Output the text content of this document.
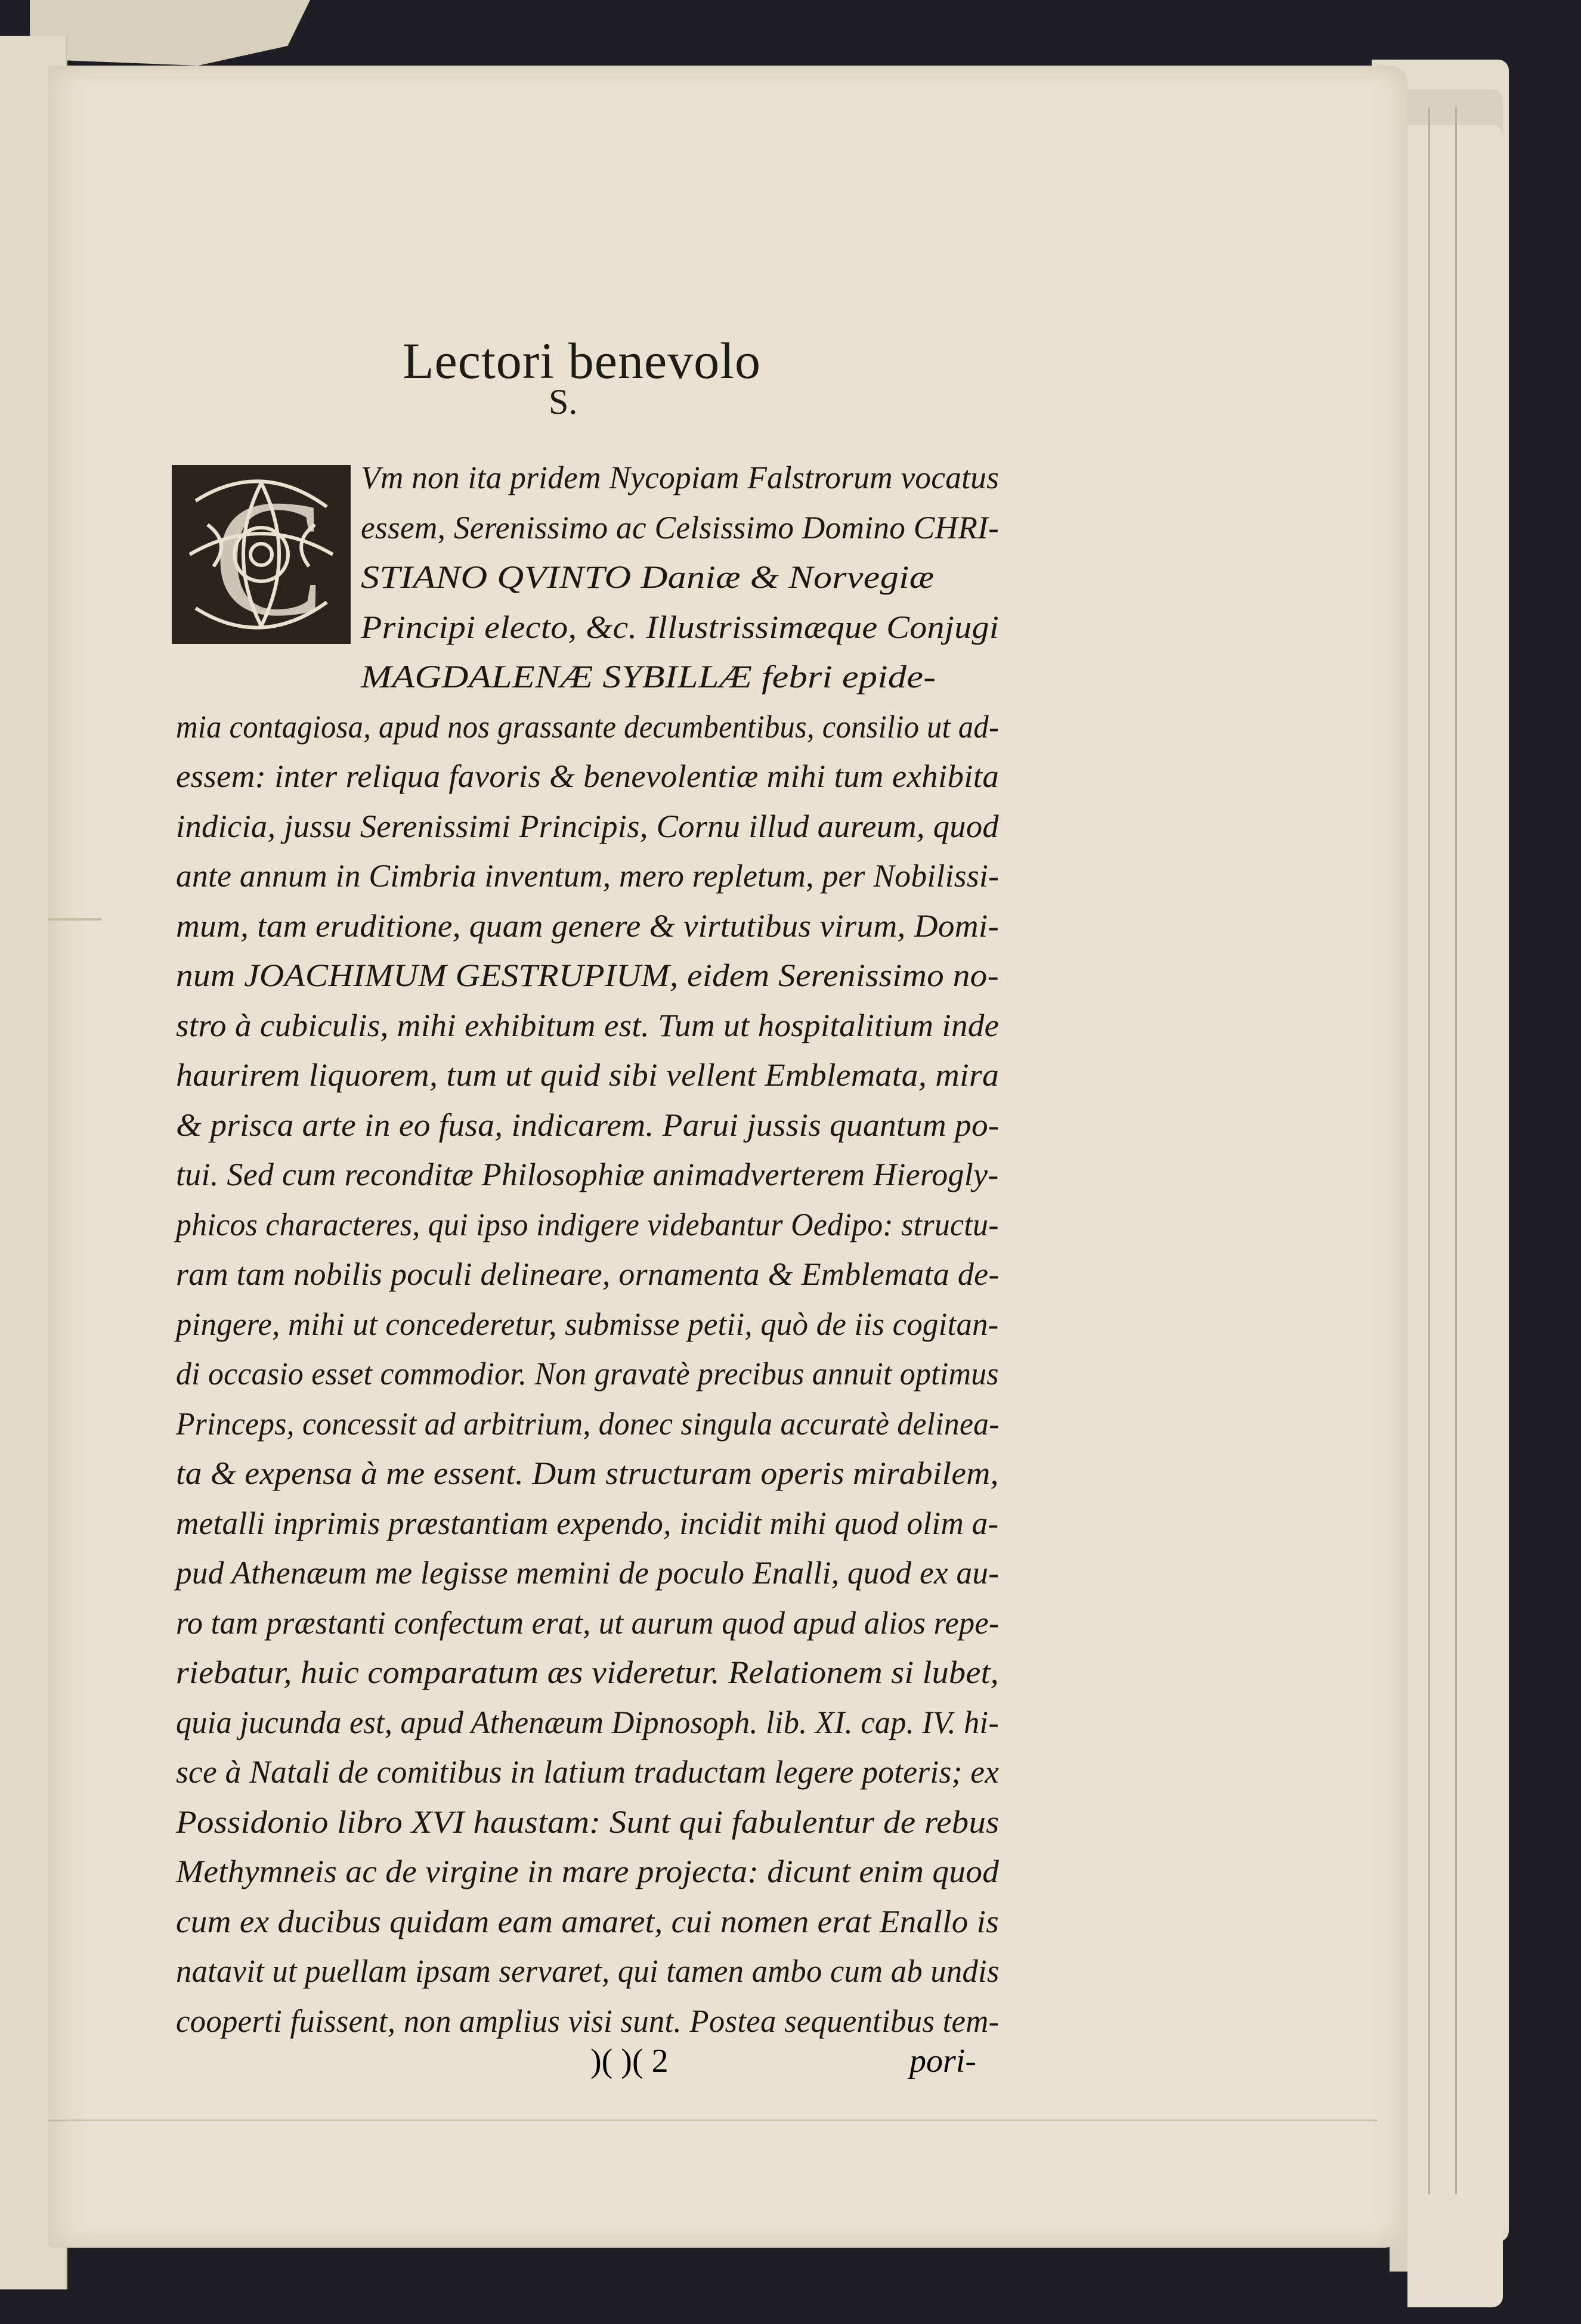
Lectori benevolo
S.
C Vm non ita pridem Nycopiam Falstrorum vocatus
essem, Serenissimo ac Celsissimo Domino CHRI-
STIANO QVINTO Daniæ & Norvegiæ
Principi electo, &c. Illustrissimæque Conjugi
MAGDALENÆ SYBILLÆ febri epide-
mia contagiosa, apud nos grassante decumbentibus, consilio ut ad-
essem: inter reliqua favoris & benevolentiæ mihi tum exhibita
indicia, jussu Serenissimi Principis, Cornu illud aureum, quod
ante annum in Cimbria inventum, mero repletum, per Nobilissi-
mum, tam eruditione, quam genere & virtutibus virum, Domi-
num JOACHIMUM GESTRUPIUM, eidem Serenissimo no-
stro à cubiculis, mihi exhibitum est. Tum ut hospitalitium inde
haurirem liquorem, tum ut quid sibi vellent Emblemata, mira
& prisca arte in eo fusa, indicarem. Parui jussis quantum po-
tui. Sed cum reconditæ Philosophiæ animadverterem Hierogly-
phicos characteres, qui ipso indigere videbantur Oedipo: structu-
ram tam nobilis poculi delineare, ornamenta & Emblemata de-
pingere, mihi ut concederetur, submisse petii, quò de iis cogitan-
di occasio esset commodior. Non gravatè precibus annuit optimus
Princeps, concessit ad arbitrium, donec singula accuratè delinea-
ta & expensa à me essent. Dum structuram operis mirabilem,
metalli inprimis præstantiam expendo, incidit mihi quod olim a-
pud Athenæum me legisse memini de poculo Enalli, quod ex au-
ro tam præstanti confectum erat, ut aurum quod apud alios repe-
riebatur, huic comparatum æs videretur. Relationem si lubet,
quia jucunda est, apud Athenæum Dipnosoph. lib. XI. cap. IV. hi-
sce à Natali de comitibus in latium traductam legere poteris; ex
Possidonio libro XVI haustam: Sunt qui fabulentur de rebus
Methymneis ac de virgine in mare projecta: dicunt enim quod
cum ex ducibus quidam eam amaret, cui nomen erat Enallo is
natavit ut puellam ipsam servaret, qui tamen ambo cum ab undis
cooperti fuissent, non amplius visi sunt. Postea sequentibus tem-
)( )( 2	pori-
